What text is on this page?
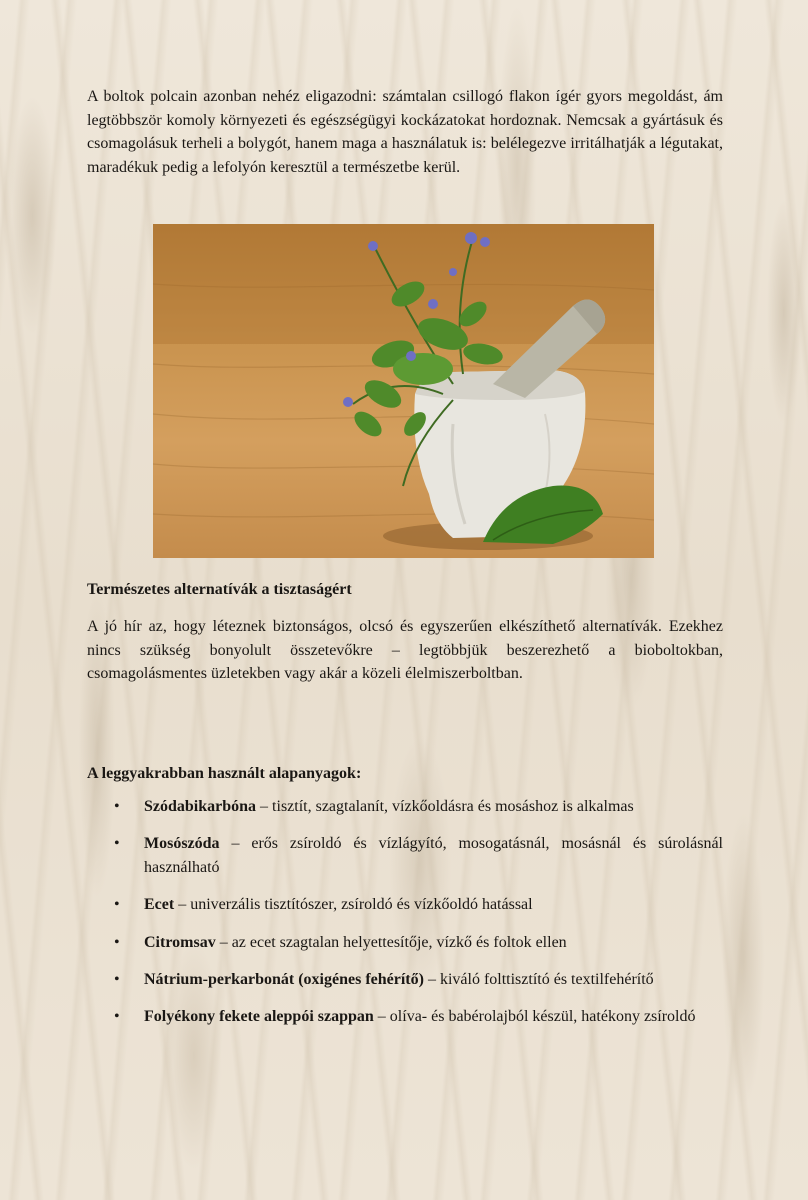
A boltok polcain azonban nehéz eligazodni: számtalan csillogó flakon ígér gyors megoldást, ám legtöbbször komoly környezeti és egészségügyi kockázatokat hordoznak. Nemcsak a gyártásuk és csomagolásuk terheli a bolygót, hanem maga a használatuk is: belélegezve irritálhatják a légutakat, maradékuk pedig a lefolyón keresztül a természetbe kerül.

Természetes alternatívák a tisztaságért

A jó hír az, hogy léteznek biztonságos, olcsó és egyszerűen elkészíthető alternatívák. Ezekhez nincs szükség bonyolult összetevőkre – legtöbbjük beszerezhető a bioboltokban, csomagolásmentes üzletekben vagy akár a közeli élelmiszerboltban.

A leggyakrabban használt alapanyagok:
• Szódabikarbóna – tisztít, szagtalanít, vízkőoldásra és mosáshoz is alkalmas
• Mosószóda – erős zsíroldó és vízlágyító, mosogatásnál, mosásnál és súrolásnál használható
• Ecet – univerzális tisztítószer, zsíroldó és vízkőoldó hatással
• Citromsav – az ecet szagtalan helyettesítője, vízkő és foltok ellen
• Nátrium-perkarbonát (oxigénes fehérítő) – kiváló folttisztító és textilfehérítő
• Folyékony fekete aleppói szappan – olíva- és babérolajból készül, hatékony zsíroldó
